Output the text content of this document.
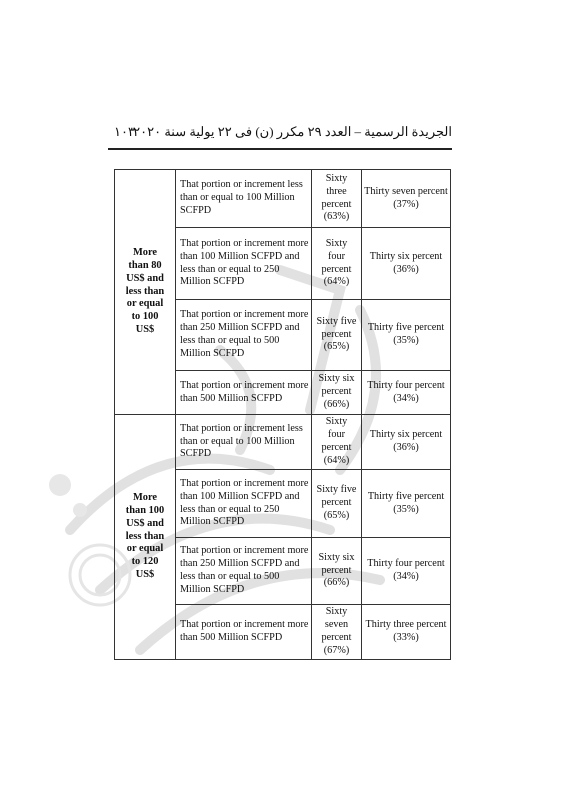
الجريدة الرسمية – العدد ٢٩ مكرر (ن) فى ٢٢ يولية سنة ٢٠٢٠
١٠٣
More than 80 US$ and less than or equal to 100 US$	That portion or increment less than or equal to 100 Million SCFPD	Sixty three percent (63%)	Thirty seven percent (37%)
	That portion or increment more than 100 Million SCFPD and less than or equal to 250 Million SCFPD	Sixty four percent (64%)	Thirty six percent (36%)
	That portion or increment more than 250 Million SCFPD and less than or equal to 500 Million SCFPD	Sixty five percent (65%)	Thirty five percent (35%)
	That portion or increment more than 500 Million SCFPD	Sixty six percent (66%)	Thirty four percent (34%)
More than 100 US$ and less than or equal to 120 US$	That portion or increment less than or equal to 100 Million SCFPD	Sixty four percent (64%)	Thirty six percent (36%)
	That portion or increment more than 100 Million SCFPD and less than or equal to 250 Million SCFPD	Sixty five percent (65%)	Thirty five percent (35%)
	That portion or increment more than 250 Million SCFPD and less than or equal to 500 Million SCFPD	Sixty six percent (66%)	Thirty four percent (34%)
	That portion or increment more than 500 Million SCFPD	Sixty seven percent (67%)	Thirty three percent (33%)
